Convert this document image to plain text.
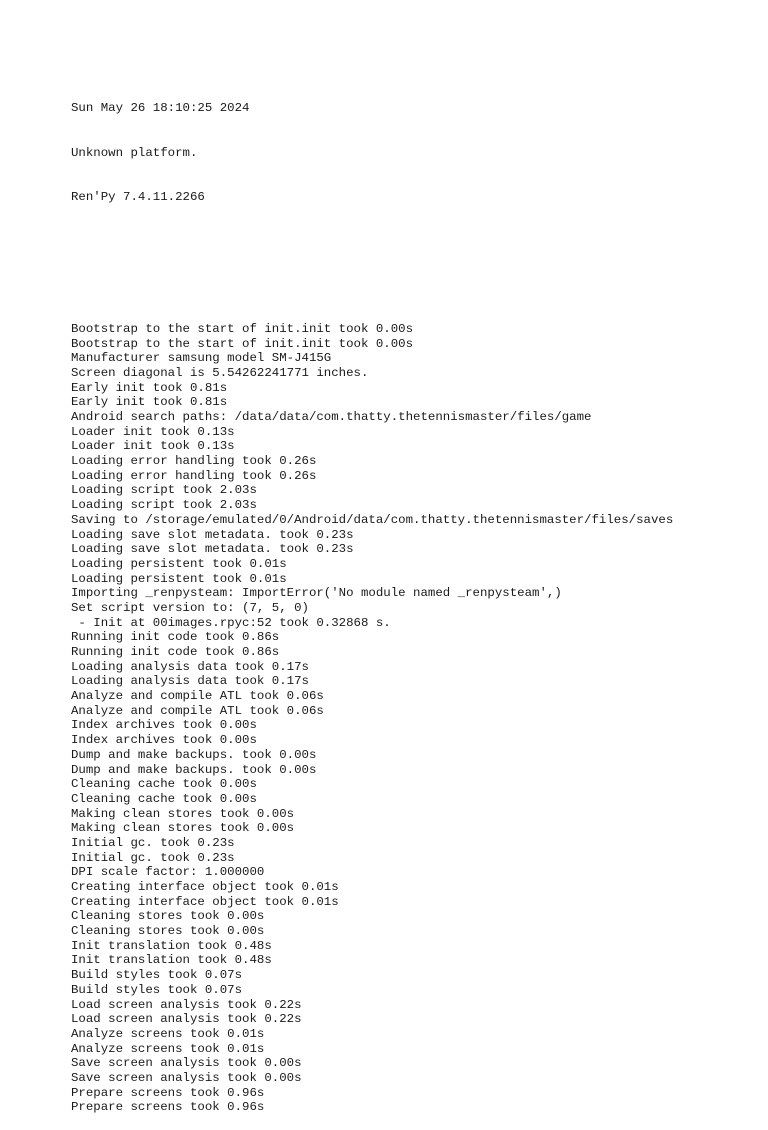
Sun May 26 18:10:25 2024

Unknown platform.

Ren'Py 7.4.11.2266

Bootstrap to the start of init.init took 0.00s
Bootstrap to the start of init.init took 0.00s
Manufacturer samsung model SM-J415G
Screen diagonal is 5.54262241771 inches.
Early init took 0.81s
Early init took 0.81s
Android search paths: /data/data/com.thatty.thetennismaster/files/game
Loader init took 0.13s
Loader init took 0.13s
Loading error handling took 0.26s
Loading error handling took 0.26s
Loading script took 2.03s
Loading script took 2.03s
Saving to /storage/emulated/0/Android/data/com.thatty.thetennismaster/files/saves
Loading save slot metadata. took 0.23s
Loading save slot metadata. took 0.23s
Loading persistent took 0.01s
Loading persistent took 0.01s
Importing _renpysteam: ImportError('No module named _renpysteam',)
Set script version to: (7, 5, 0)
- Init at 00images.rpyc:52 took 0.32868 s.
Running init code took 0.86s
Running init code took 0.86s
Loading analysis data took 0.17s
Loading analysis data took 0.17s
Analyze and compile ATL took 0.06s
Analyze and compile ATL took 0.06s
Index archives took 0.00s
Index archives took 0.00s
Dump and make backups. took 0.00s
Dump and make backups. took 0.00s
Cleaning cache took 0.00s
Cleaning cache took 0.00s
Making clean stores took 0.00s
Making clean stores took 0.00s
Initial gc. took 0.23s
Initial gc. took 0.23s
DPI scale factor: 1.000000
Creating interface object took 0.01s
Creating interface object took 0.01s
Cleaning stores took 0.00s
Cleaning stores took 0.00s
Init translation took 0.48s
Init translation took 0.48s
Build styles took 0.07s
Build styles took 0.07s
Load screen analysis took 0.22s
Load screen analysis took 0.22s
Analyze screens took 0.01s
Analyze screens took 0.01s
Save screen analysis took 0.00s
Save screen analysis took 0.00s
Prepare screens took 0.96s
Prepare screens took 0.96s
